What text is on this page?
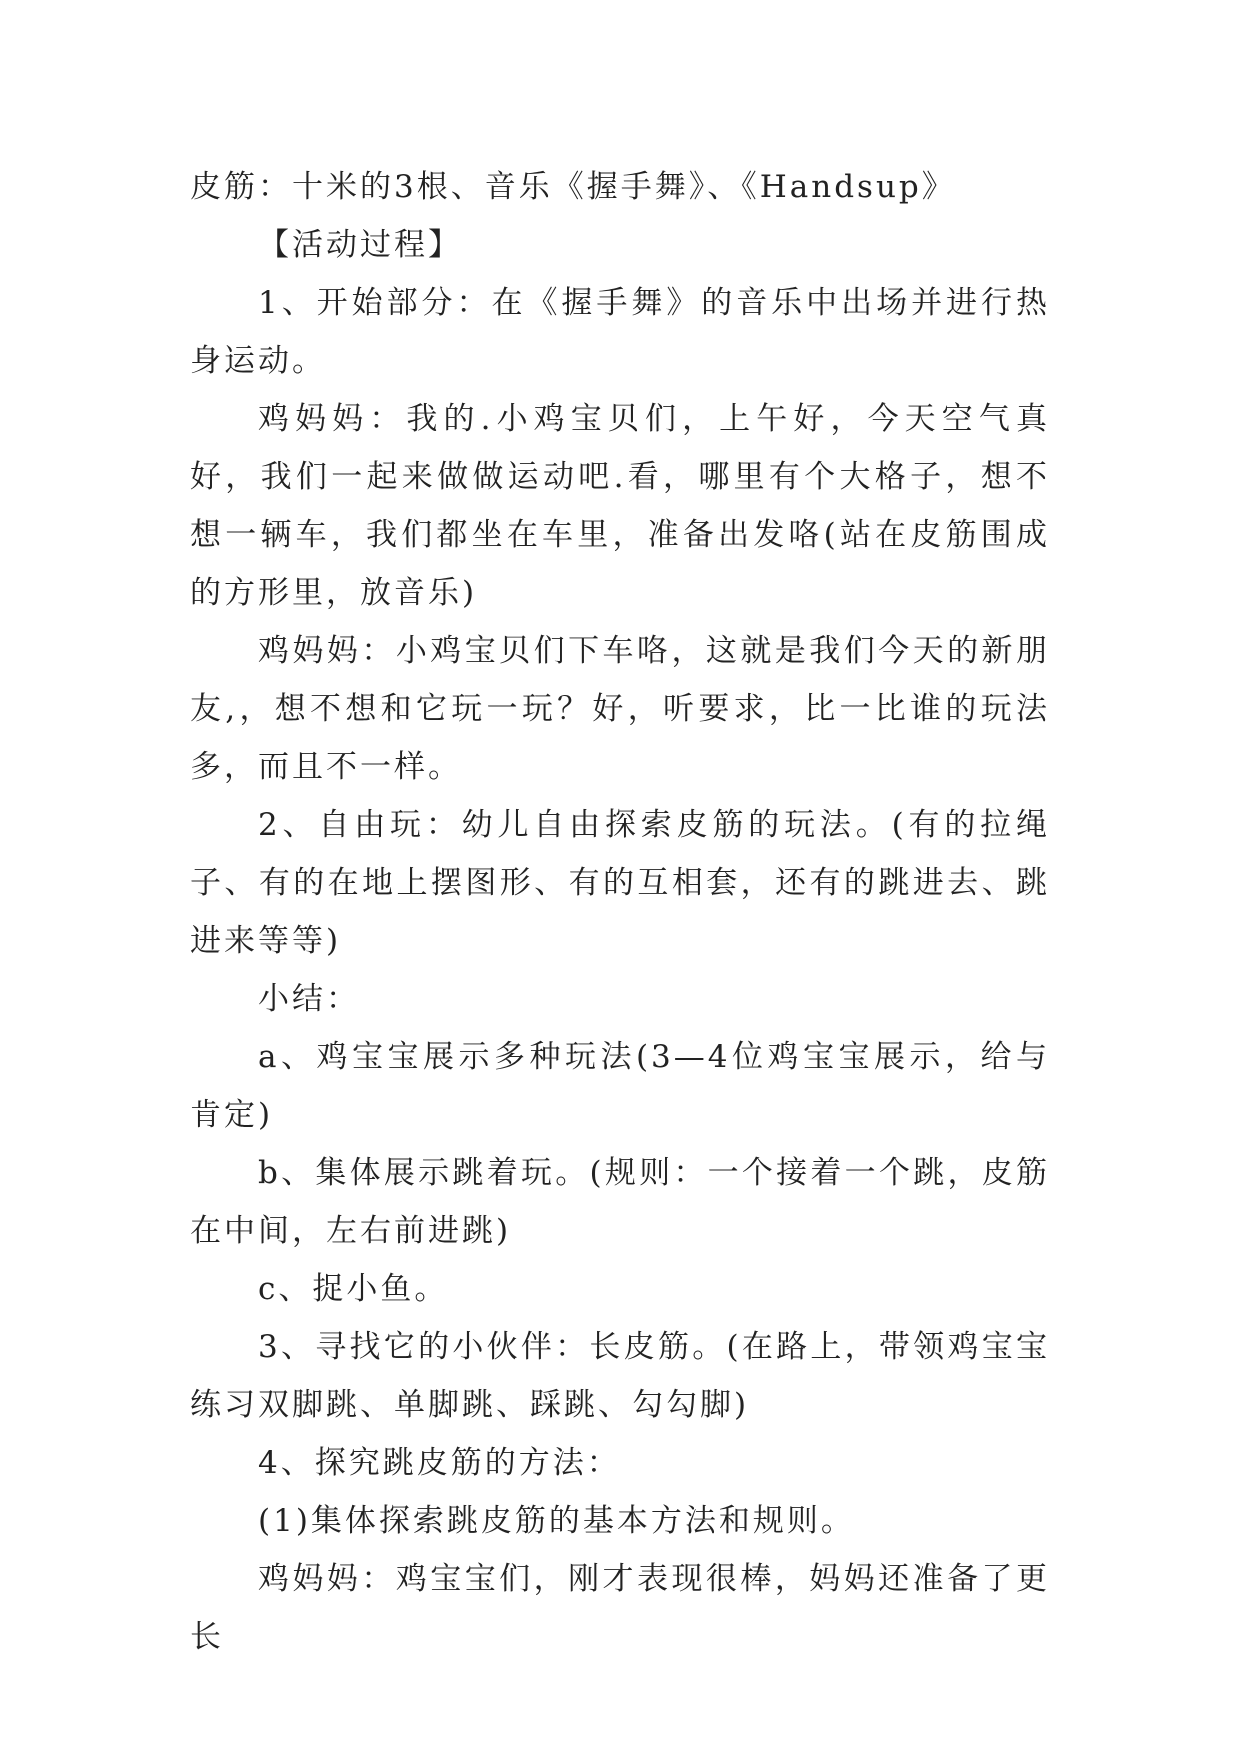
皮筋：十米的3根、音乐《握手舞》、《Handsup》

【活动过程】

1、开始部分：在《握手舞》的音乐中出场并进行热身运动。

鸡妈妈：我的.小鸡宝贝们，上午好，今天空气真好，我们一起来做做运动吧.看，哪里有个大格子，想不想一辆车，我们都坐在车里，准备出发咯(站在皮筋围成的方形里，放音乐)

鸡妈妈：小鸡宝贝们下车咯，这就是我们今天的新朋友,，想不想和它玩一玩？好，听要求，比一比谁的玩法多，而且不一样。

2、自由玩：幼儿自由探索皮筋的玩法。(有的拉绳子、有的在地上摆图形、有的互相套，还有的跳进去、跳进来等等)

小结：

a、鸡宝宝展示多种玩法(3—4位鸡宝宝展示，给与肯定)

b、集体展示跳着玩。(规则：一个接着一个跳，皮筋在中间，左右前进跳)

c、捉小鱼。

3、寻找它的小伙伴：长皮筋。(在路上，带领鸡宝宝练习双脚跳、单脚跳、踩跳、勾勾脚)

4、探究跳皮筋的方法：

(1)集体探索跳皮筋的基本方法和规则。

鸡妈妈：鸡宝宝们，刚才表现很棒，妈妈还准备了更长
